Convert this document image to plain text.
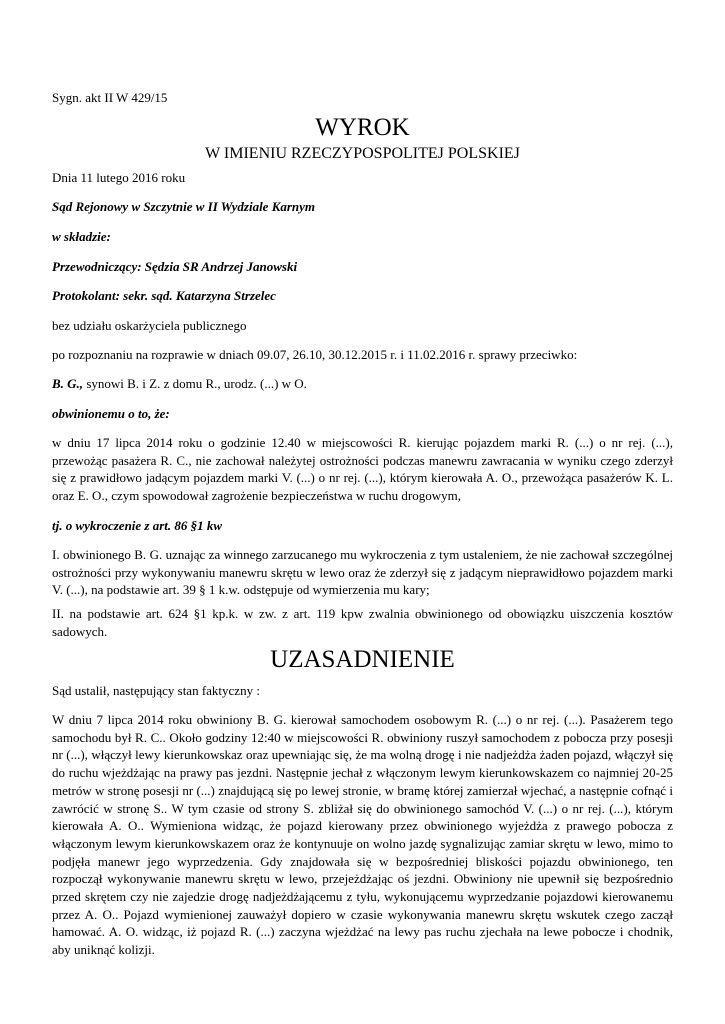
Sygn. akt II W 429/15

WYROK

W IMIENIU RZECZYPOSPOLITEJ POLSKIEJ

Dnia 11 lutego 2016 roku

Sąd Rejonowy w Szczytnie w II Wydziale Karnym

w składzie:

Przewodniczący: Sędzia SR Andrzej Janowski

Protokolant: sekr. sąd. Katarzyna Strzelec

bez udziału oskarżyciela publicznego

po rozpoznaniu na rozprawie w dniach 09.07, 26.10, 30.12.2015 r. i 11.02.2016 r. sprawy przeciwko:

B. G., synowi B. i Z. z domu R., urodz. (...) w O.

obwinionemu o to, że:

w dniu 17 lipca 2014 roku o godzinie 12.40 w miejscowości R. kierując pojazdem marki R. (...) o nr rej. (...), przewożąc pasażera R. C., nie zachował należytej ostrożności podczas manewru zawracania w wyniku czego zderzył się z prawidłowo jadącym pojazdem marki V. (...) o nr rej. (...), którym kierowała A. O., przewożąca pasażerów K. L. oraz E. O., czym spowodował zagrożenie bezpieczeństwa w ruchu drogowym,

tj. o wykroczenie z art. 86 §1 kw

I. obwinionego B. G. uznając za winnego zarzucanego mu wykroczenia z tym ustaleniem, że nie zachował szczególnej ostrożności przy wykonywaniu manewru skrętu w lewo oraz że zderzył się z jadącym nieprawidłowo pojazdem marki V. (...), na podstawie art. 39 § 1 k.w. odstępuje od wymierzenia mu kary;

II. na podstawie art. 624 §1 kp.k. w zw. z art. 119 kpw zwalnia obwinionego od obowiązku uiszczenia kosztów sadowych.

UZASADNIENIE

Sąd ustalił, następujący stan faktyczny :

W dniu 7 lipca 2014 roku obwiniony B. G. kierował samochodem osobowym R. (...) o nr rej. (...). Pasażerem tego samochodu był R. C.. Około godziny 12:40 w miejscowości R. obwiniony ruszył samochodem z pobocza przy posesji nr (...), włączył lewy kierunkowskaz oraz upewniając się, że ma wolną drogę i nie nadjeżdża żaden pojazd, włączył się do ruchu wjeżdżając na prawy pas jezdni. Następnie jechał z włączonym lewym kierunkowskazem co najmniej 20-25 metrów w stronę posesji nr (...) znajdującą się po lewej stronie, w bramę której zamierzał wjechać, a następnie cofnąć i zawrócić w stronę S.. W tym czasie od strony S. zbliżał się do obwinionego samochód V. (...) o nr rej. (...), którym kierowała A. O.. Wymieniona widząc, że pojazd kierowany przez obwinionego wyjeżdża z prawego pobocza z włączonym lewym kierunkowskazem oraz że kontynuuje on wolno jazdę sygnalizując zamiar skrętu w lewo, mimo to podjęła manewr jego wyprzedzenia. Gdy znajdowała się w bezpośredniej bliskości pojazdu obwinionego, ten rozpoczął wykonywanie manewru skrętu w lewo, przejeżdżając oś jezdni. Obwiniony nie upewnił się bezpośrednio przed skrętem czy nie zajedzie drogę nadjeżdżającemu z tyłu, wykonującemu wyprzedzanie pojazdowi kierowanemu przez A. O.. Pojazd wymienionej zauważył dopiero w czasie wykonywania manewru skrętu wskutek czego zaczął hamować. A. O. widząc, iż pojazd R. (...) zaczyna wjeżdżać na lewy pas ruchu zjechała na lewe pobocze i chodnik, aby uniknąć kolizji.
